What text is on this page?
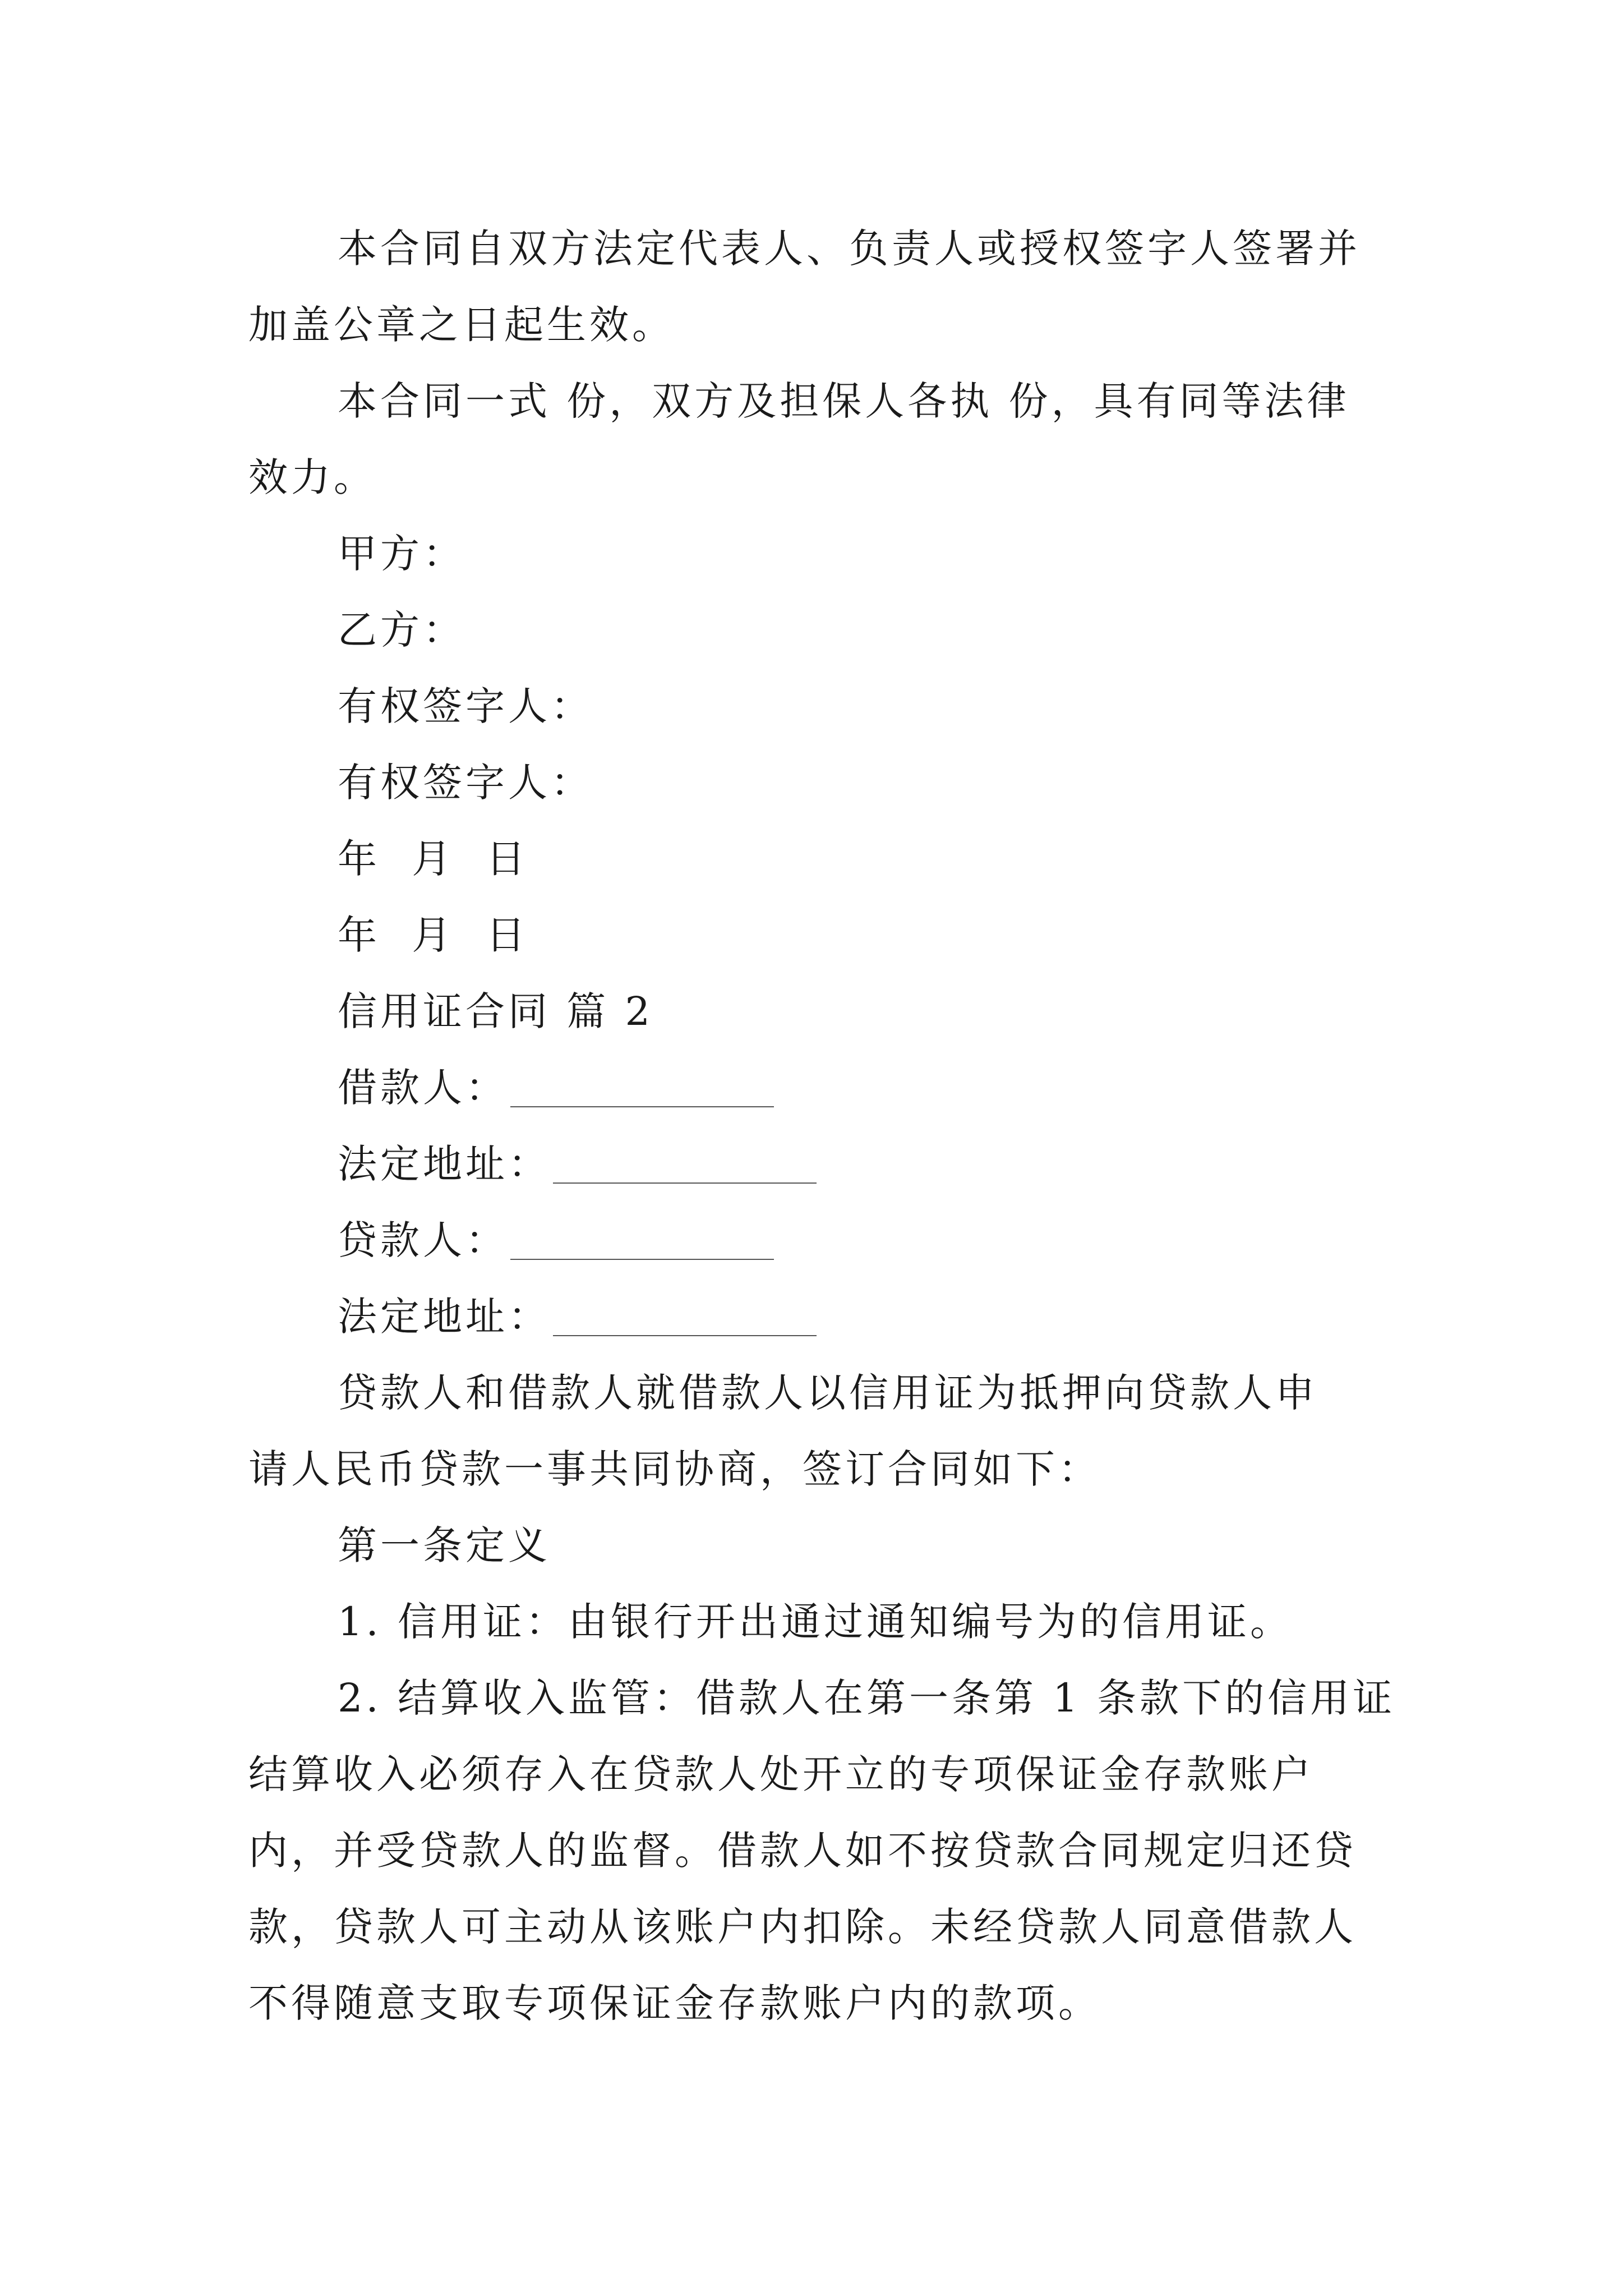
本合同自双方法定代表人、负责人或授权签字人签署并
加盖公章之日起生效。
本合同一式 份，双方及担保人各执 份，具有同等法律
效力。
甲方：
乙方：
有权签字人：
有权签字人：
年 月 日
年 月 日
信用证合同 篇 2
借款人：
法定地址：
贷款人：
法定地址：
贷款人和借款人就借款人以信用证为抵押向贷款人申
请人民币贷款一事共同协商，签订合同如下：
第一条定义
1. 信用证：由银行开出通过通知编号为的信用证。
2. 结算收入监管：借款人在第一条第 1 条款下的信用证
结算收入必须存入在贷款人处开立的专项保证金存款账户
内，并受贷款人的监督。借款人如不按贷款合同规定归还贷
款，贷款人可主动从该账户内扣除。未经贷款人同意借款人
不得随意支取专项保证金存款账户内的款项。
